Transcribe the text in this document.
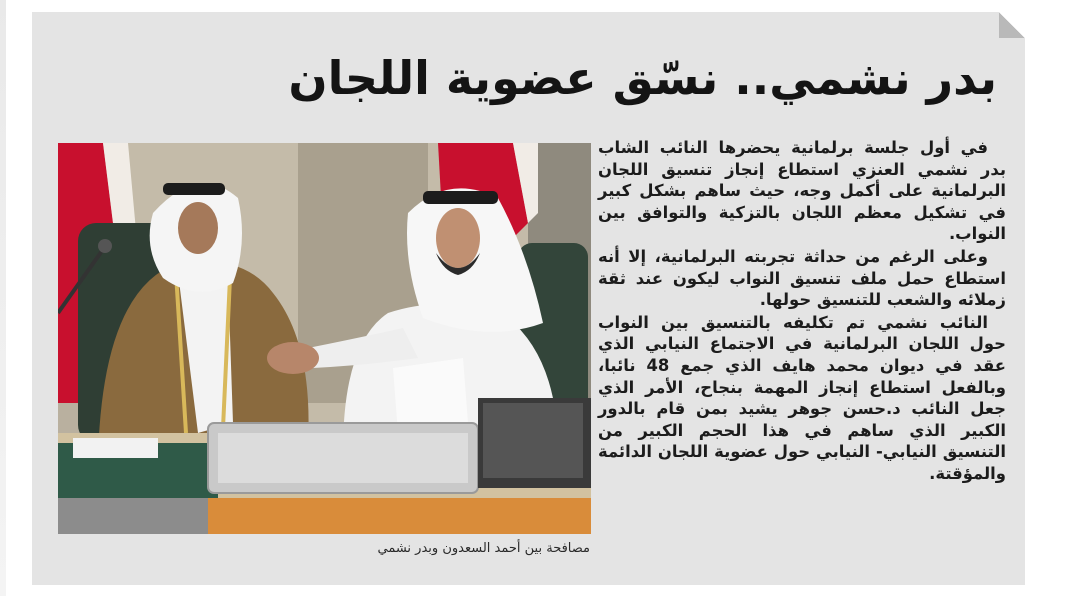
بدر نشمي.. نسّق عضوية اللجان

في أول جلسة برلمانية يحضرها النائب الشاب بدر نشمي العنزي استطاع إنجاز تنسيق اللجان البرلمانية على أكمل وجه، حيث ساهم بشكل كبير في تشكيل معظم اللجان بالتزكية والتوافق بين النواب.

وعلى الرغم من حداثة تجربته البرلمانية، إلا أنه استطاع حمل ملف تنسيق النواب ليكون عند ثقة زملائه والشعب للتنسيق حولها.

النائب نشمي تم تكليفه بالتنسيق بين النواب حول اللجان البرلمانية في الاجتماع النيابي الذي عقد في ديوان محمد هايف الذي جمع 48 نائبا، وبالفعل استطاع إنجاز المهمة بنجاح، الأمر الذي جعل النائب د.حسن جوهر يشيد بمن قام بالدور الكبير الذي ساهم في هذا الحجم الكبير من التنسيق النيابي- النيابي حول عضوية اللجان الدائمة والمؤقتة.

مصافحة بين أحمد السعدون وبدر نشمي
